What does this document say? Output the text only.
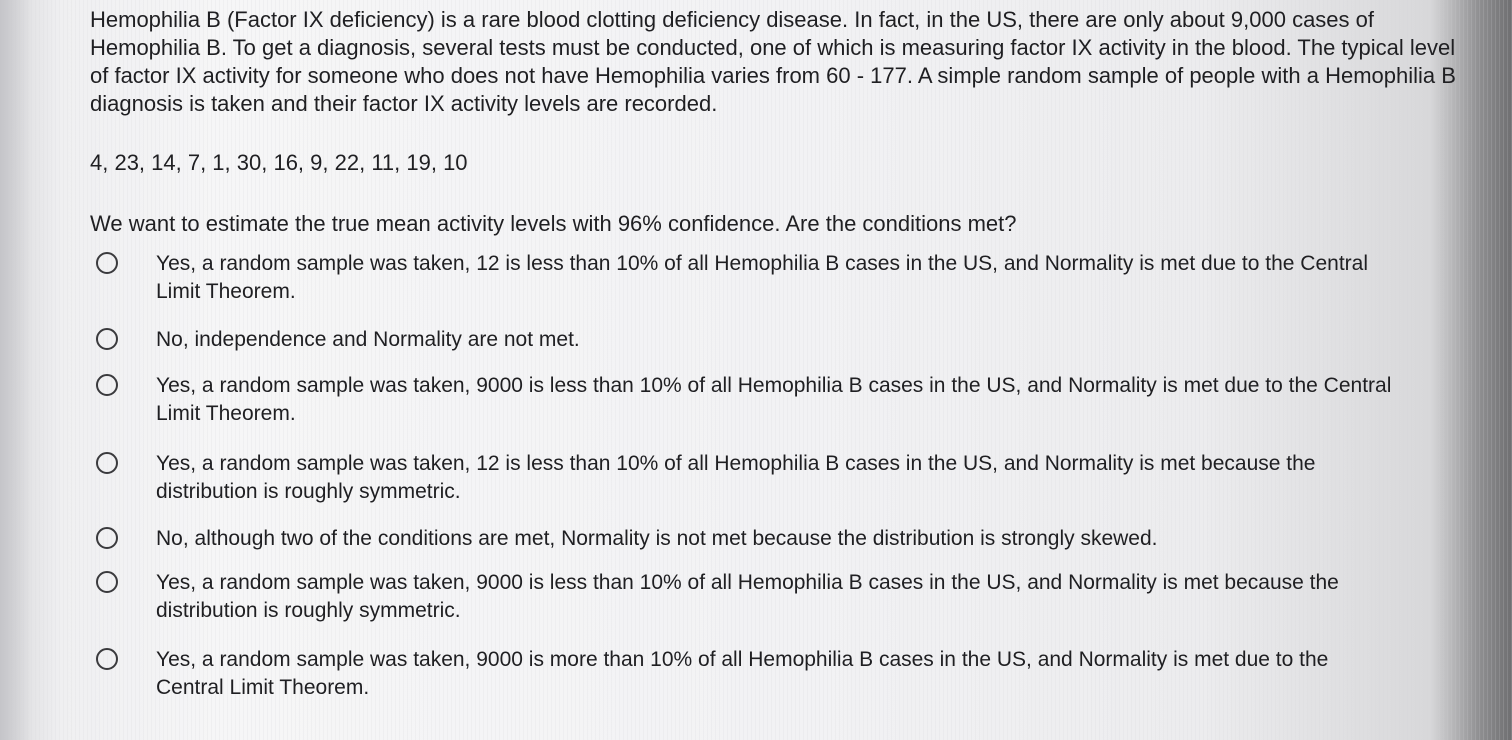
Hemophilia B (Factor IX deficiency) is a rare blood clotting deficiency disease. In fact, in the US, there are only about 9,000 cases of Hemophilia B. To get a diagnosis, several tests must be conducted, one of which is measuring factor IX activity in the blood. The typical level of factor IX activity for someone who does not have Hemophilia varies from 60 - 177. A simple random sample of people with a Hemophilia B diagnosis is taken and their factor IX activity levels are recorded.

4, 23, 14, 7, 1, 30, 16, 9, 22, 11, 19, 10
We want to estimate the true mean activity levels with 96% confidence. Are the conditions met?
Yes, a random sample was taken, 12 is less than 10% of all Hemophilia B cases in the US, and Normality is met due to the Central Limit Theorem.
No, independence and Normality are not met.
Yes, a random sample was taken, 9000 is less than 10% of all Hemophilia B cases in the US, and Normality is met due to the Central Limit Theorem.
Yes, a random sample was taken, 12 is less than 10% of all Hemophilia B cases in the US, and Normality is met because the distribution is roughly symmetric.
No, although two of the conditions are met, Normality is not met because the distribution is strongly skewed.
Yes, a random sample was taken, 9000 is less than 10% of all Hemophilia B cases in the US, and Normality is met because the distribution is roughly symmetric.
Yes, a random sample was taken, 9000 is more than 10% of all Hemophilia B cases in the US, and Normality is met due to the Central Limit Theorem.
